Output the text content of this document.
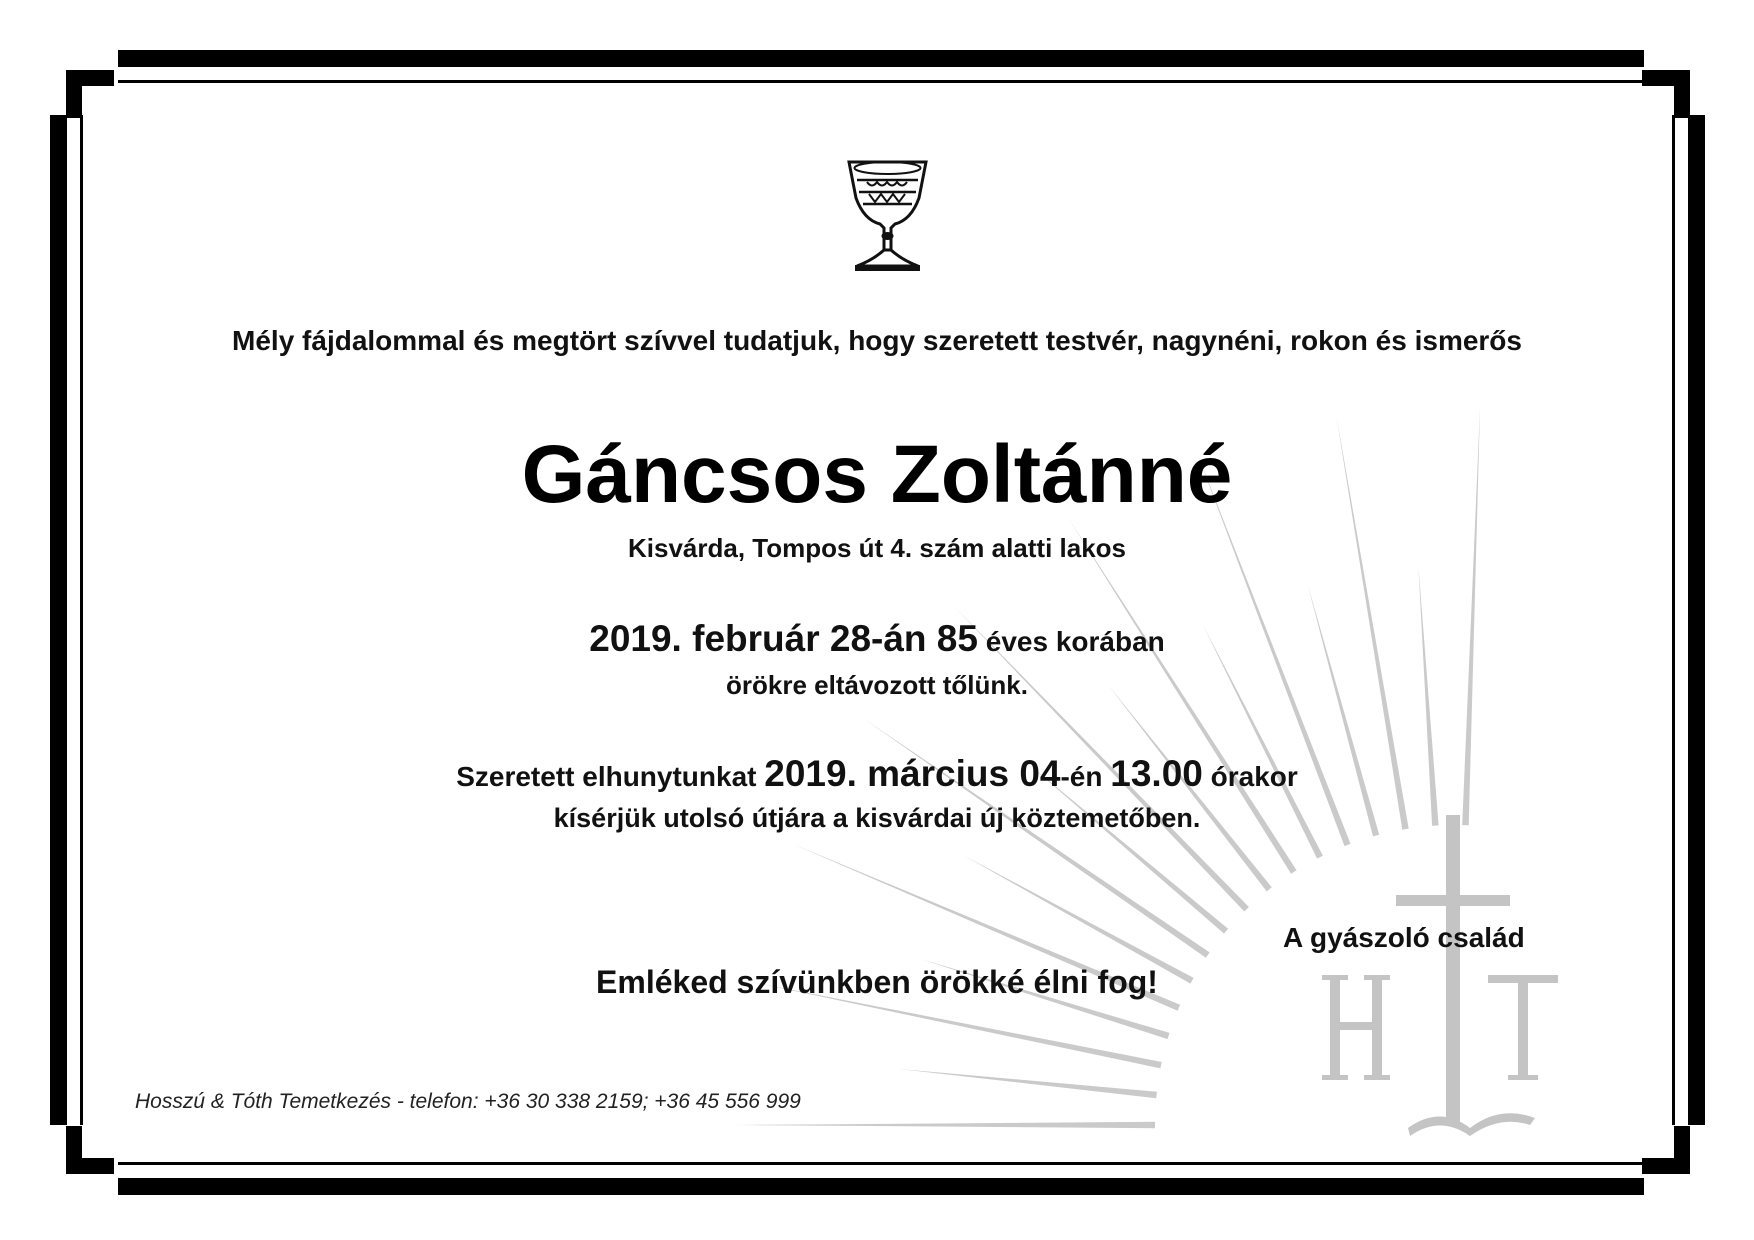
Mély fájdalommal és megtört szívvel tudatjuk, hogy szeretett testvér, nagynéni, rokon és ismerős
Gáncsos Zoltánné
Kisvárda, Tompos út 4. szám alatti lakos
2019. február 28-án 85 éves korában
örökre eltávozott tőlünk.
Szeretett elhunytunkat 2019. március 04-én 13.00 órakor
kísérjük utolsó útjára a kisvárdai új köztemetőben.
A gyászoló család
Emléked szívünkben örökké élni fog!
Hosszú & Tóth Temetkezés - telefon: +36 30 338 2159; +36 45 556 999
